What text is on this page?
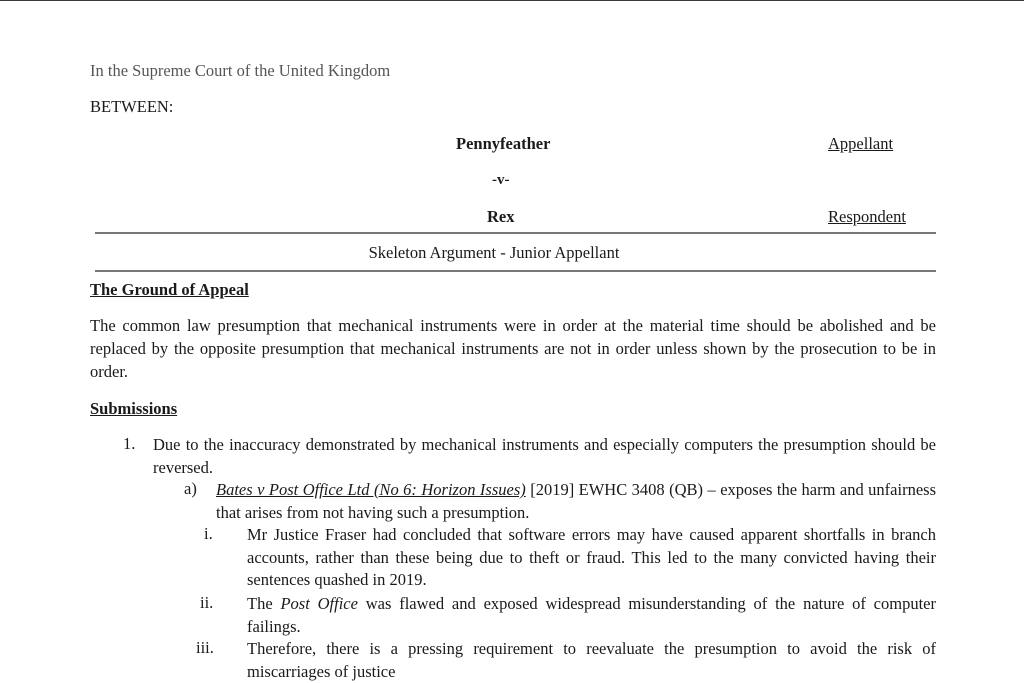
In the Supreme Court of the United Kingdom
BETWEEN:
Pennyfeather	Appellant
-v-
Rex	Respondent
Skeleton Argument - Junior Appellant
The Ground of Appeal
The common law presumption that mechanical instruments were in order at the material time should be abolished and be replaced by the opposite presumption that mechanical instruments are not in order unless shown by the prosecution to be in order.
Submissions
1. Due to the inaccuracy demonstrated by mechanical instruments and especially computers the presumption should be reversed.
a) Bates v Post Office Ltd (No 6: Horizon Issues) [2019] EWHC 3408 (QB) – exposes the harm and unfairness that arises from not having such a presumption.
i. Mr Justice Fraser had concluded that software errors may have caused apparent shortfalls in branch accounts, rather than these being due to theft or fraud. This led to the many convicted having their sentences quashed in 2019.
ii. The Post Office was flawed and exposed widespread misunderstanding of the nature of computer failings.
iii. Therefore, there is a pressing requirement to reevaluate the presumption to avoid the risk of miscarriages of justice
